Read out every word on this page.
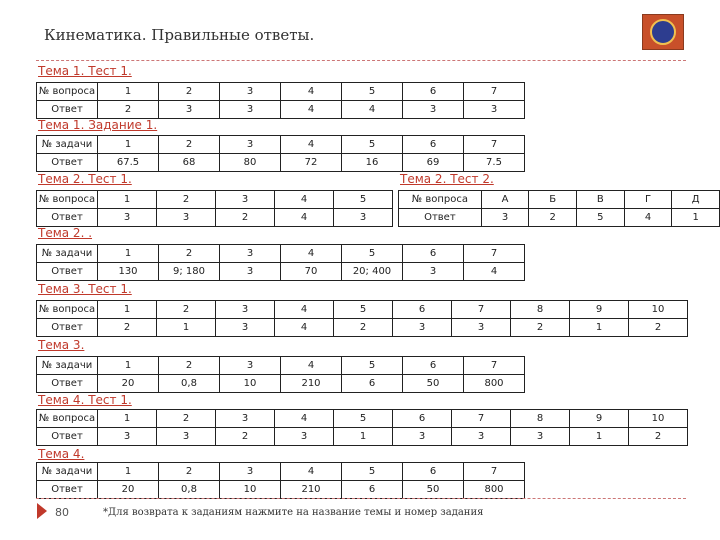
Кинематика. Правильные ответы.
Тема 1. Тест 1.
Тема 1. Задание 1.
Тема 2. Тест 1.	Тема 2. Тест 2.
Тема 2. .
Тема 3. Тест 1.
Тема 3.
Тема 4. Тест 1.
Тема 4.
№ вопроса	1	2	3	4	5	6	7
Ответ	2	3	3	4	4	3	3
№ задачи	1	2	3	4	5	6	7
Ответ	67.5	68	80	72	16	69	7.5
№ вопроса	1	2	3	4	5
Ответ	3	3	2	4	3
№ вопроса	А	Б	В	Г	Д
Ответ	3	2	5	4	1
№ задачи	1	2	3	4	5	6	7
Ответ	130	9; 180	3	70	20; 400	3	4
№ вопроса	1	2	3	4	5	6	7	8	9	10
Ответ	2	1	3	4	2	3	3	2	1	2
№ задачи	1	2	3	4	5	6	7
Ответ	20	0,8	10	210	6	50	800
№ вопроса	1	2	3	4	5	6	7	8	9	10
Ответ	3	3	2	3	1	3	3	3	1	2
№ задачи	1	2	3	4	5	6	7
Ответ	20	0,8	10	210	6	50	800
80	*Для возврата к заданиям нажмите на название темы и номер задания
